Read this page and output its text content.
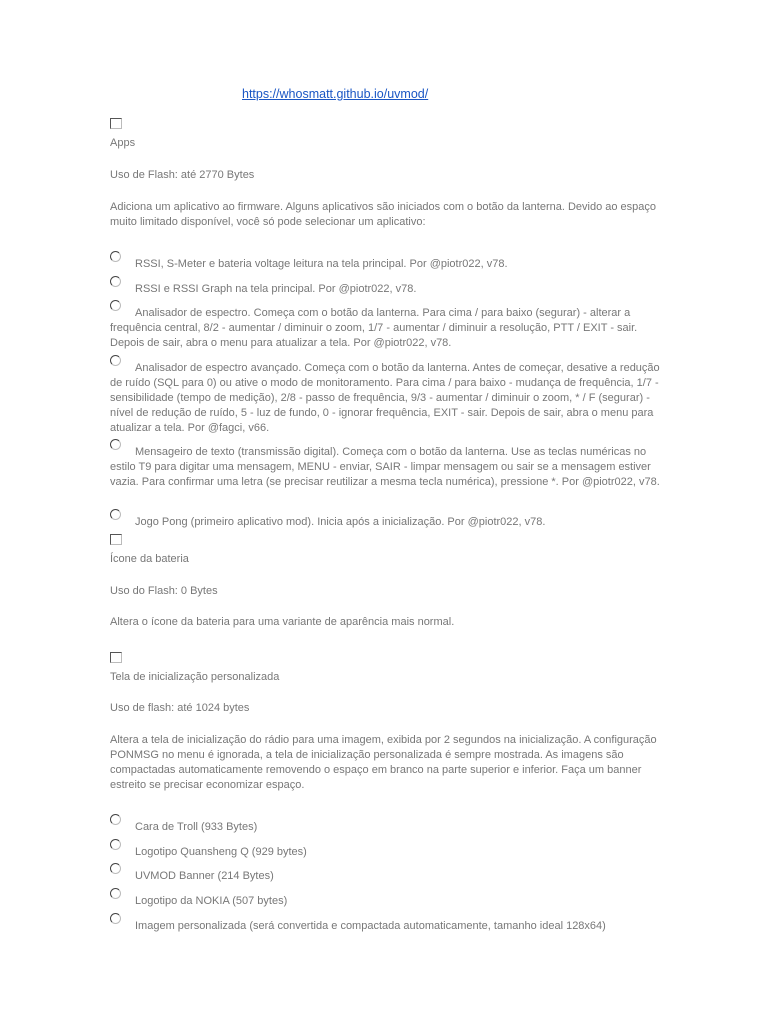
https://whosmatt.github.io/uvmod/
Apps
Uso de Flash: até 2770 Bytes
Adiciona um aplicativo ao firmware. Alguns aplicativos são iniciados com o botão da lanterna. Devido ao espaço muito limitado disponível, você só pode selecionar um aplicativo:
RSSI, S-Meter e bateria voltage leitura na tela principal. Por @piotr022, v78.
RSSI e RSSI Graph na tela principal. Por @piotr022, v78.
Analisador de espectro. Começa com o botão da lanterna. Para cima / para baixo (segurar) - alterar a frequência central, 8/2 - aumentar / diminuir o zoom, 1/7 - aumentar / diminuir a resolução, PTT / EXIT - sair. Depois de sair, abra o menu para atualizar a tela. Por @piotr022, v78.
Analisador de espectro avançado. Começa com o botão da lanterna. Antes de começar, desative a redução de ruído (SQL para 0) ou ative o modo de monitoramento. Para cima / para baixo - mudança de frequência, 1/7 - sensibilidade (tempo de medição), 2/8 - passo de frequência, 9/3 - aumentar / diminuir o zoom, * / F (segurar) - nível de redução de ruído, 5 - luz de fundo, 0 - ignorar frequência, EXIT - sair. Depois de sair, abra o menu para atualizar a tela. Por @fagci, v66.
Mensageiro de texto (transmissão digital). Começa com o botão da lanterna. Use as teclas numéricas no estilo T9 para digitar uma mensagem, MENU - enviar, SAIR - limpar mensagem ou sair se a mensagem estiver vazia. Para confirmar uma letra (se precisar reutilizar a mesma tecla numérica), pressione *. Por @piotr022, v78.
Jogo Pong (primeiro aplicativo mod). Inicia após a inicialização. Por @piotr022, v78.
Ícone da bateria
Uso do Flash: 0 Bytes
Altera o ícone da bateria para uma variante de aparência mais normal.
Tela de inicialização personalizada
Uso de flash: até 1024 bytes
Altera a tela de inicialização do rádio para uma imagem, exibida por 2 segundos na inicialização. A configuração PONMSG no menu é ignorada, a tela de inicialização personalizada é sempre mostrada. As imagens são compactadas automaticamente removendo o espaço em branco na parte superior e inferior. Faça um banner estreito se precisar economizar espaço.
Cara de Troll (933 Bytes)
Logotipo Quansheng Q (929 bytes)
UVMOD Banner (214 Bytes)
Logotipo da NOKIA (507 bytes)
Imagem personalizada (será convertida e compactada automaticamente, tamanho ideal 128x64)
